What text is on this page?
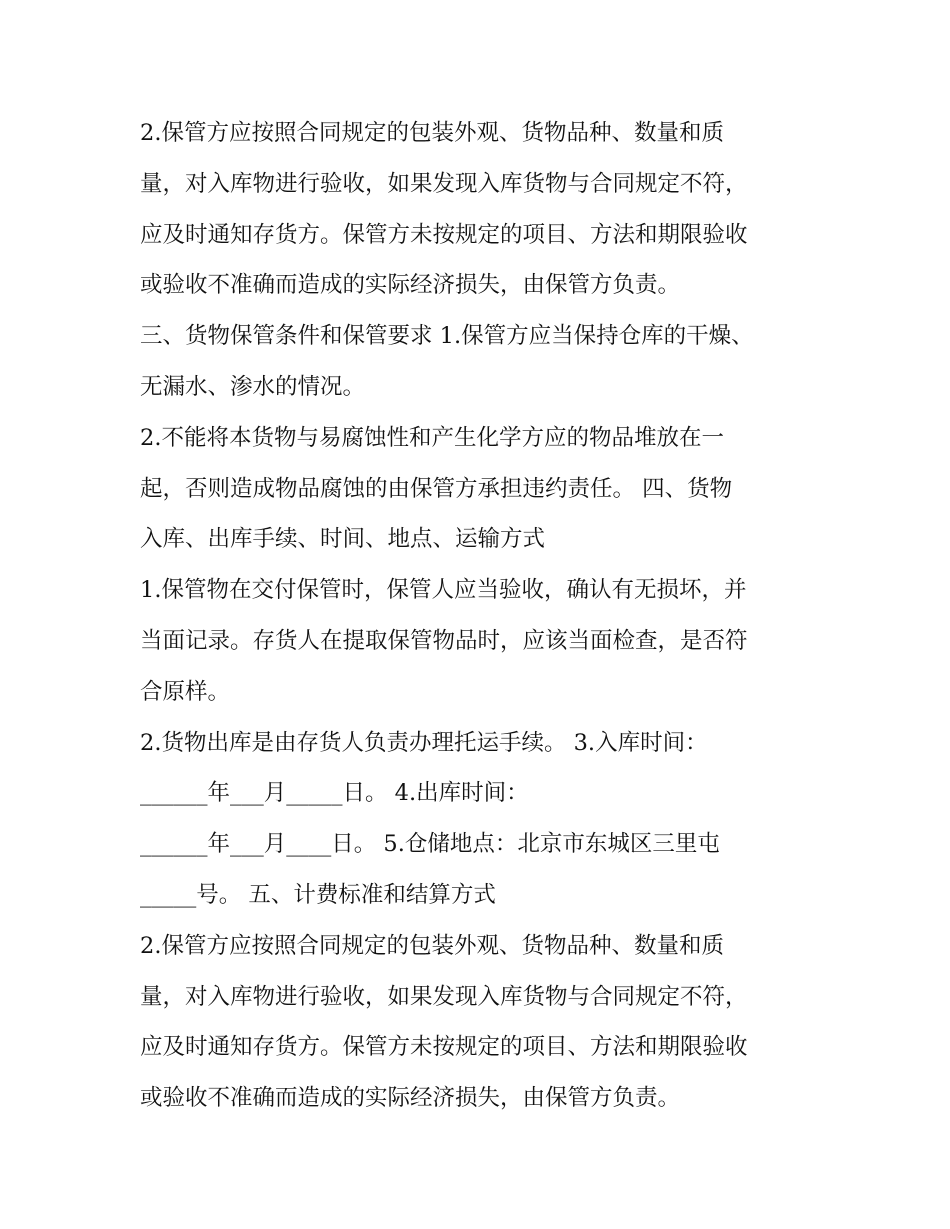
2.保管方应按照合同规定的包装外观、货物品种、数量和质
量，对入库物进行验收，如果发现入库货物与合同规定不符，
应及时通知存货方。保管方未按规定的项目、方法和期限验收
或验收不准确而造成的实际经济损失，由保管方负责。
三、货物保管条件和保管要求 1.保管方应当保持仓库的干燥、
无漏水、渗水的情况。
2.不能将本货物与易腐蚀性和产生化学方应的物品堆放在一
起，否则造成物品腐蚀的由保管方承担违约责任。 四、货物
入库、出库手续、时间、地点、运输方式
1.保管物在交付保管时，保管人应当验收，确认有无损坏，并
当面记录。存货人在提取保管物品时，应该当面检查，是否符
合原样。
2.货物出库是由存货人负责办理托运手续。 3.入库时间：
______年___月_____日。 4.出库时间：
______年___月____日。 5.仓储地点：北京市东城区三里屯
_____号。 五、计费标准和结算方式
2.保管方应按照合同规定的包装外观、货物品种、数量和质
量，对入库物进行验收，如果发现入库货物与合同规定不符，
应及时通知存货方。保管方未按规定的项目、方法和期限验收
或验收不准确而造成的实际经济损失，由保管方负责。
